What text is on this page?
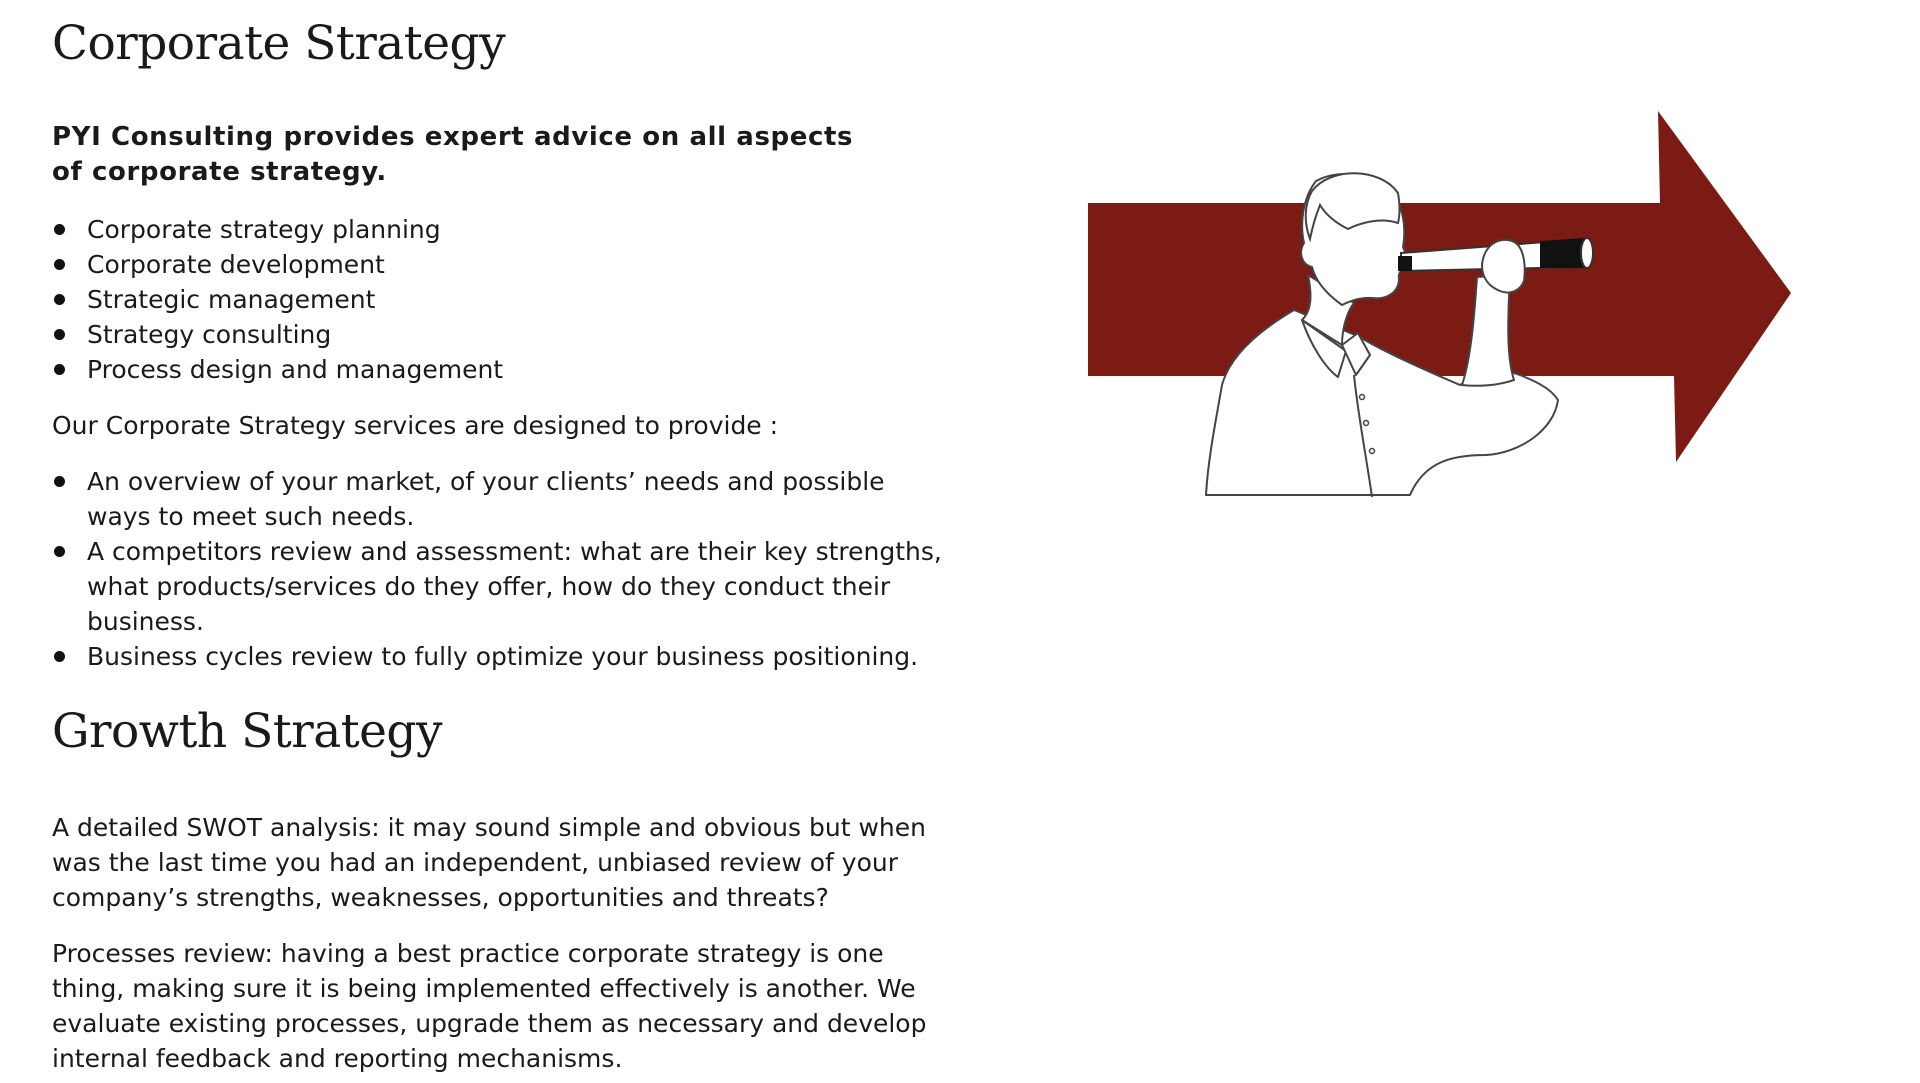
Corporate Strategy

PYI Consulting provides expert advice on all aspects of corporate strategy.

Corporate strategy planning
Corporate development
Strategic management
Strategy consulting
Process design and management

Our Corporate Strategy services are designed to provide :

An overview of your market, of your clients’ needs and possible ways to meet such needs.
A competitors review and assessment: what are their key strengths, what products/services do they offer, how do they conduct their business.
Business cycles review to fully optimize your business positioning.
Growth Strategy

A detailed SWOT analysis: it may sound simple and obvious but when was the last time you had an independent, unbiased review of your company’s strengths, weaknesses, opportunities and threats?

Processes review: having a best practice corporate strategy is one thing, making sure it is being implemented effectively is another. We evaluate existing processes, upgrade them as necessary and develop internal feedback and reporting mechanisms.
